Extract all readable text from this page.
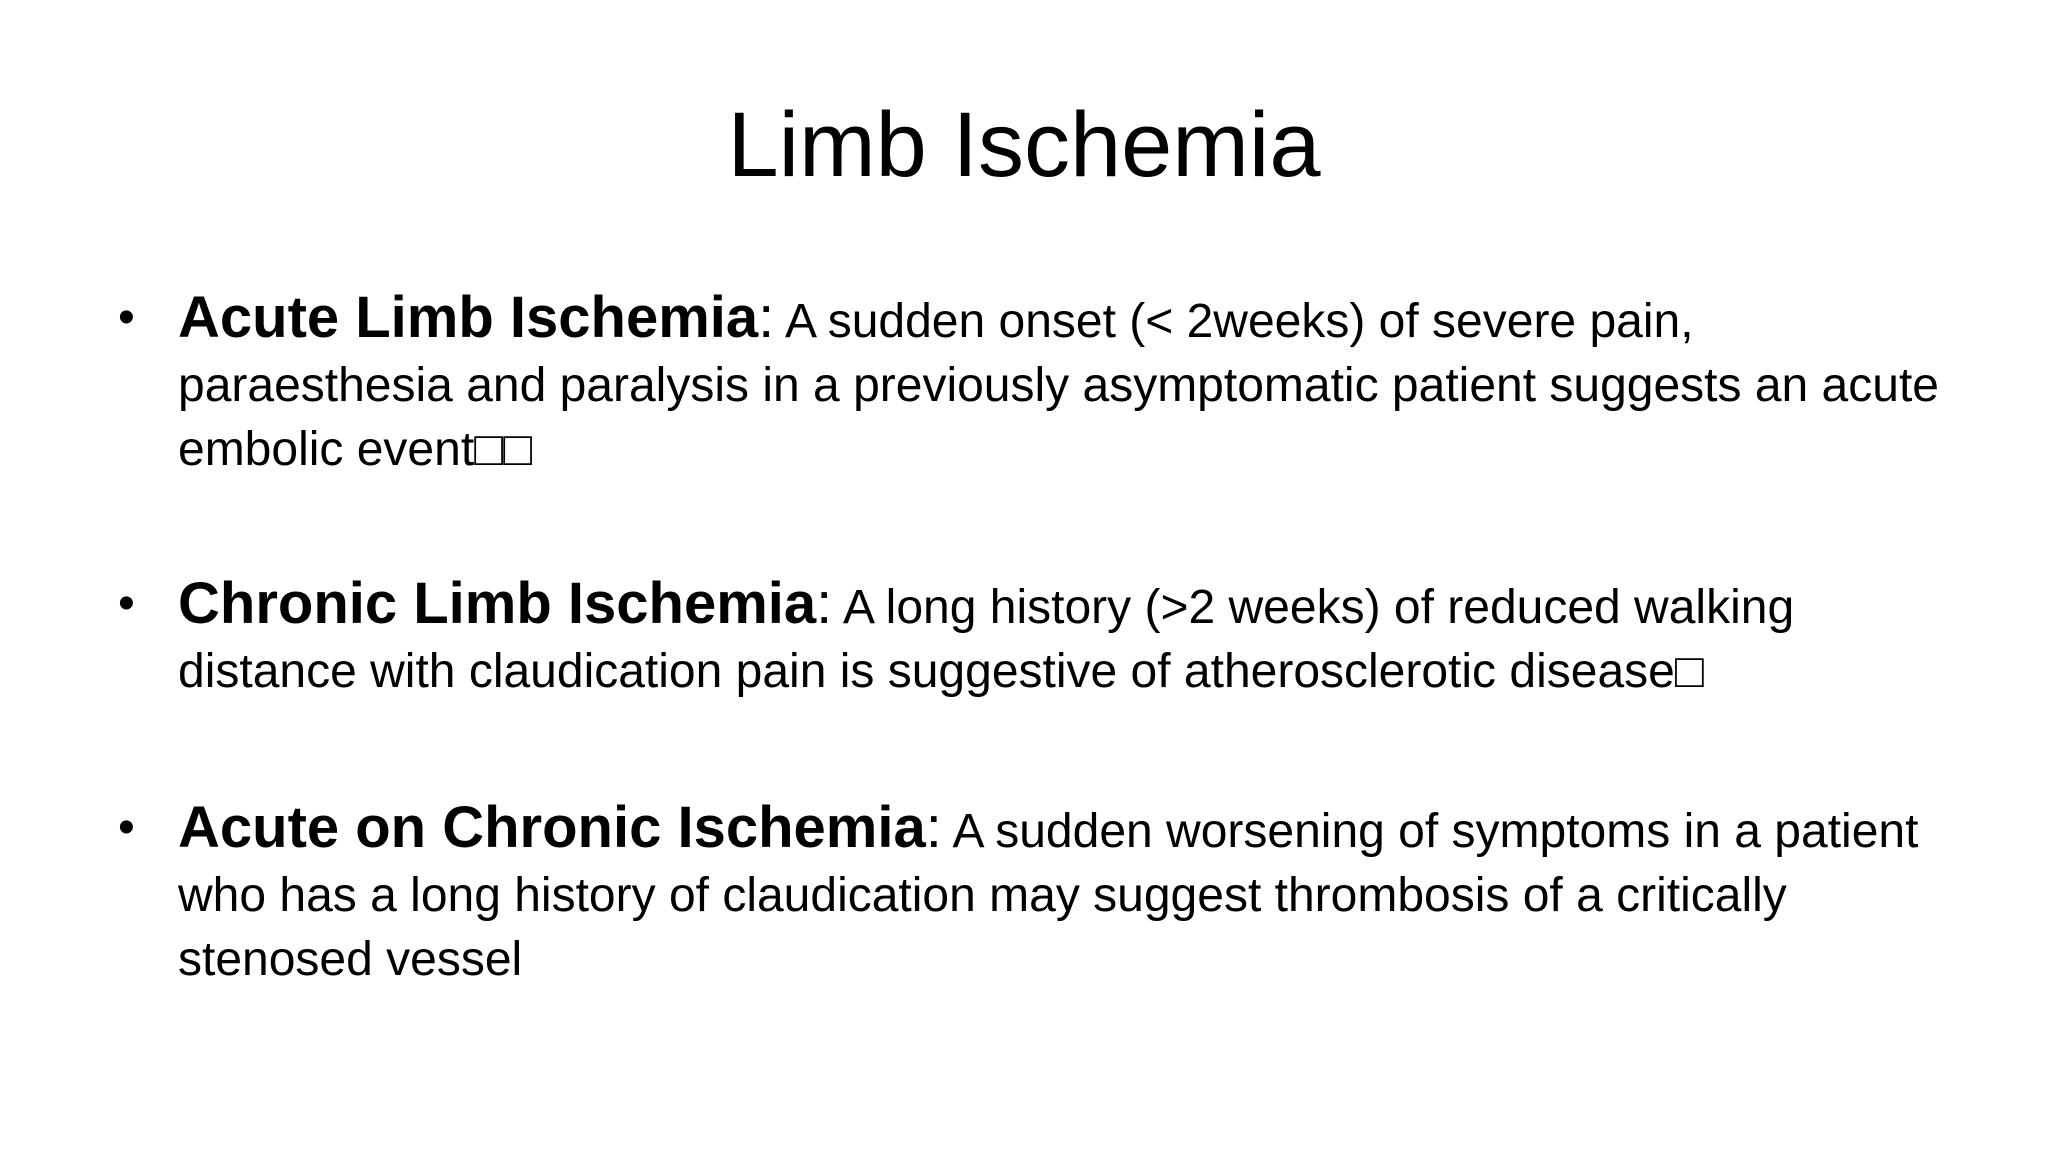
Limb Ischemia
• Acute Limb Ischemia: A sudden onset (< 2weeks) of severe pain, paraesthesia and paralysis in a previously asymptomatic patient suggests an acute embolic event□□
• Chronic Limb Ischemia: A long history (>2 weeks) of reduced walking distance with claudication pain is suggestive of atherosclerotic disease□
• Acute on Chronic Ischemia: A sudden worsening of symptoms in a patient who has a long history of claudication may suggest thrombosis of a critically stenosed vessel
